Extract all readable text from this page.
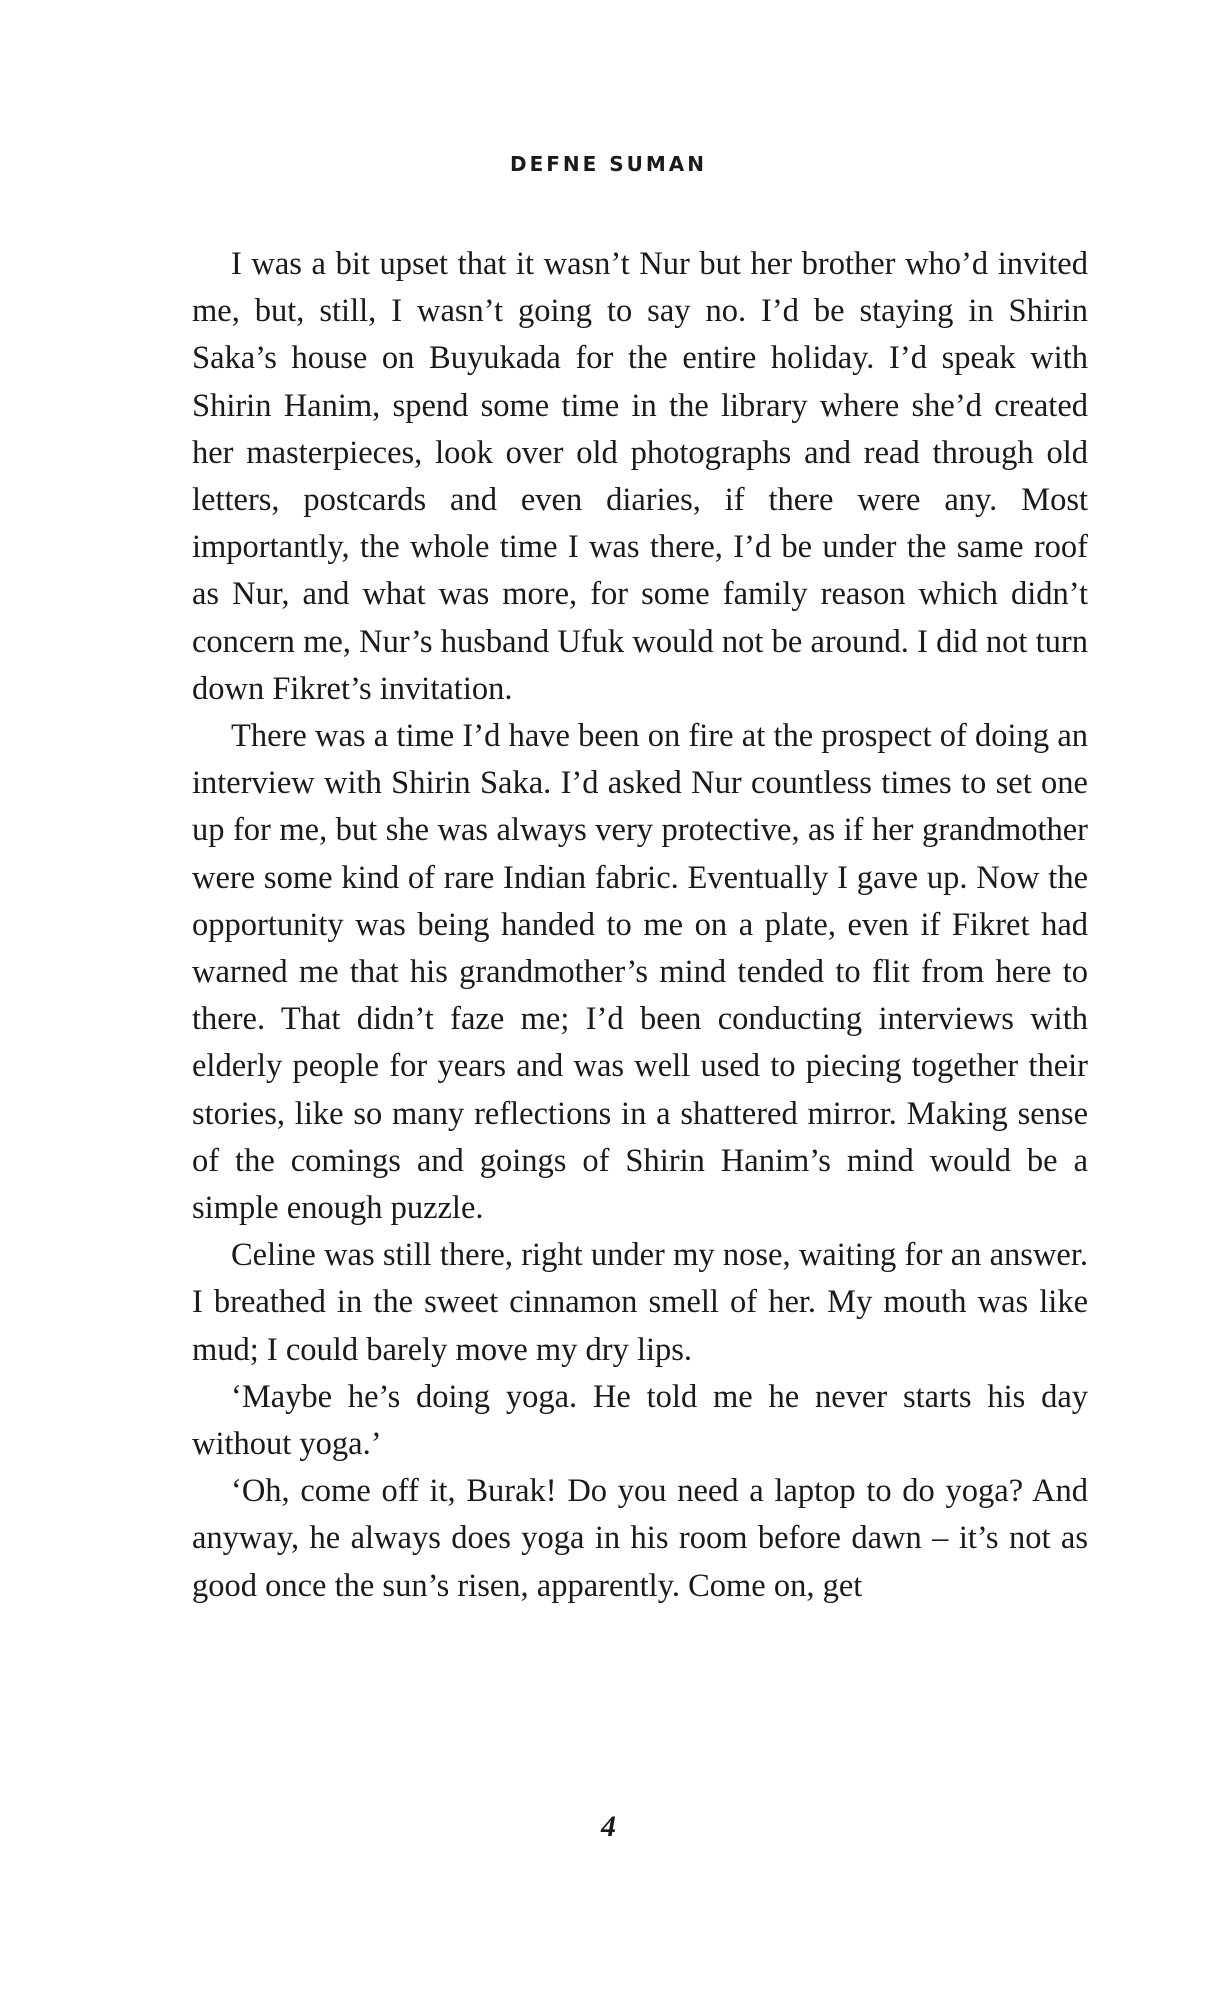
DEFNE SUMAN

I was a bit upset that it wasn’t Nur but her brother who’d invited me, but, still, I wasn’t going to say no. I’d be staying in Shirin Saka’s house on Buyukada for the entire holiday. I’d speak with Shirin Hanim, spend some time in the library where she’d created her masterpieces, look over old photographs and read through old letters, postcards and even diaries, if there were any. Most importantly, the whole time I was there, I’d be under the same roof as Nur, and what was more, for some family reason which didn’t concern me, Nur’s husband Ufuk would not be around. I did not turn down Fikret’s invitation.

There was a time I’d have been on fire at the prospect of doing an interview with Shirin Saka. I’d asked Nur countless times to set one up for me, but she was always very protective, as if her grandmother were some kind of rare Indian fabric. Eventually I gave up. Now the opportunity was being handed to me on a plate, even if Fikret had warned me that his grandmother’s mind tended to flit from here to there. That didn’t faze me; I’d been conducting interviews with elderly people for years and was well used to piecing together their stories, like so many reflections in a shattered mirror. Making sense of the comings and goings of Shirin Hanim’s mind would be a simple enough puzzle.

Celine was still there, right under my nose, waiting for an answer. I breathed in the sweet cinnamon smell of her. My mouth was like mud; I could barely move my dry lips.

‘Maybe he’s doing yoga. He told me he never starts his day without yoga.’

‘Oh, come off it, Burak! Do you need a laptop to do yoga? And anyway, he always does yoga in his room before dawn – it’s not as good once the sun’s risen, apparently. Come on, get

4
